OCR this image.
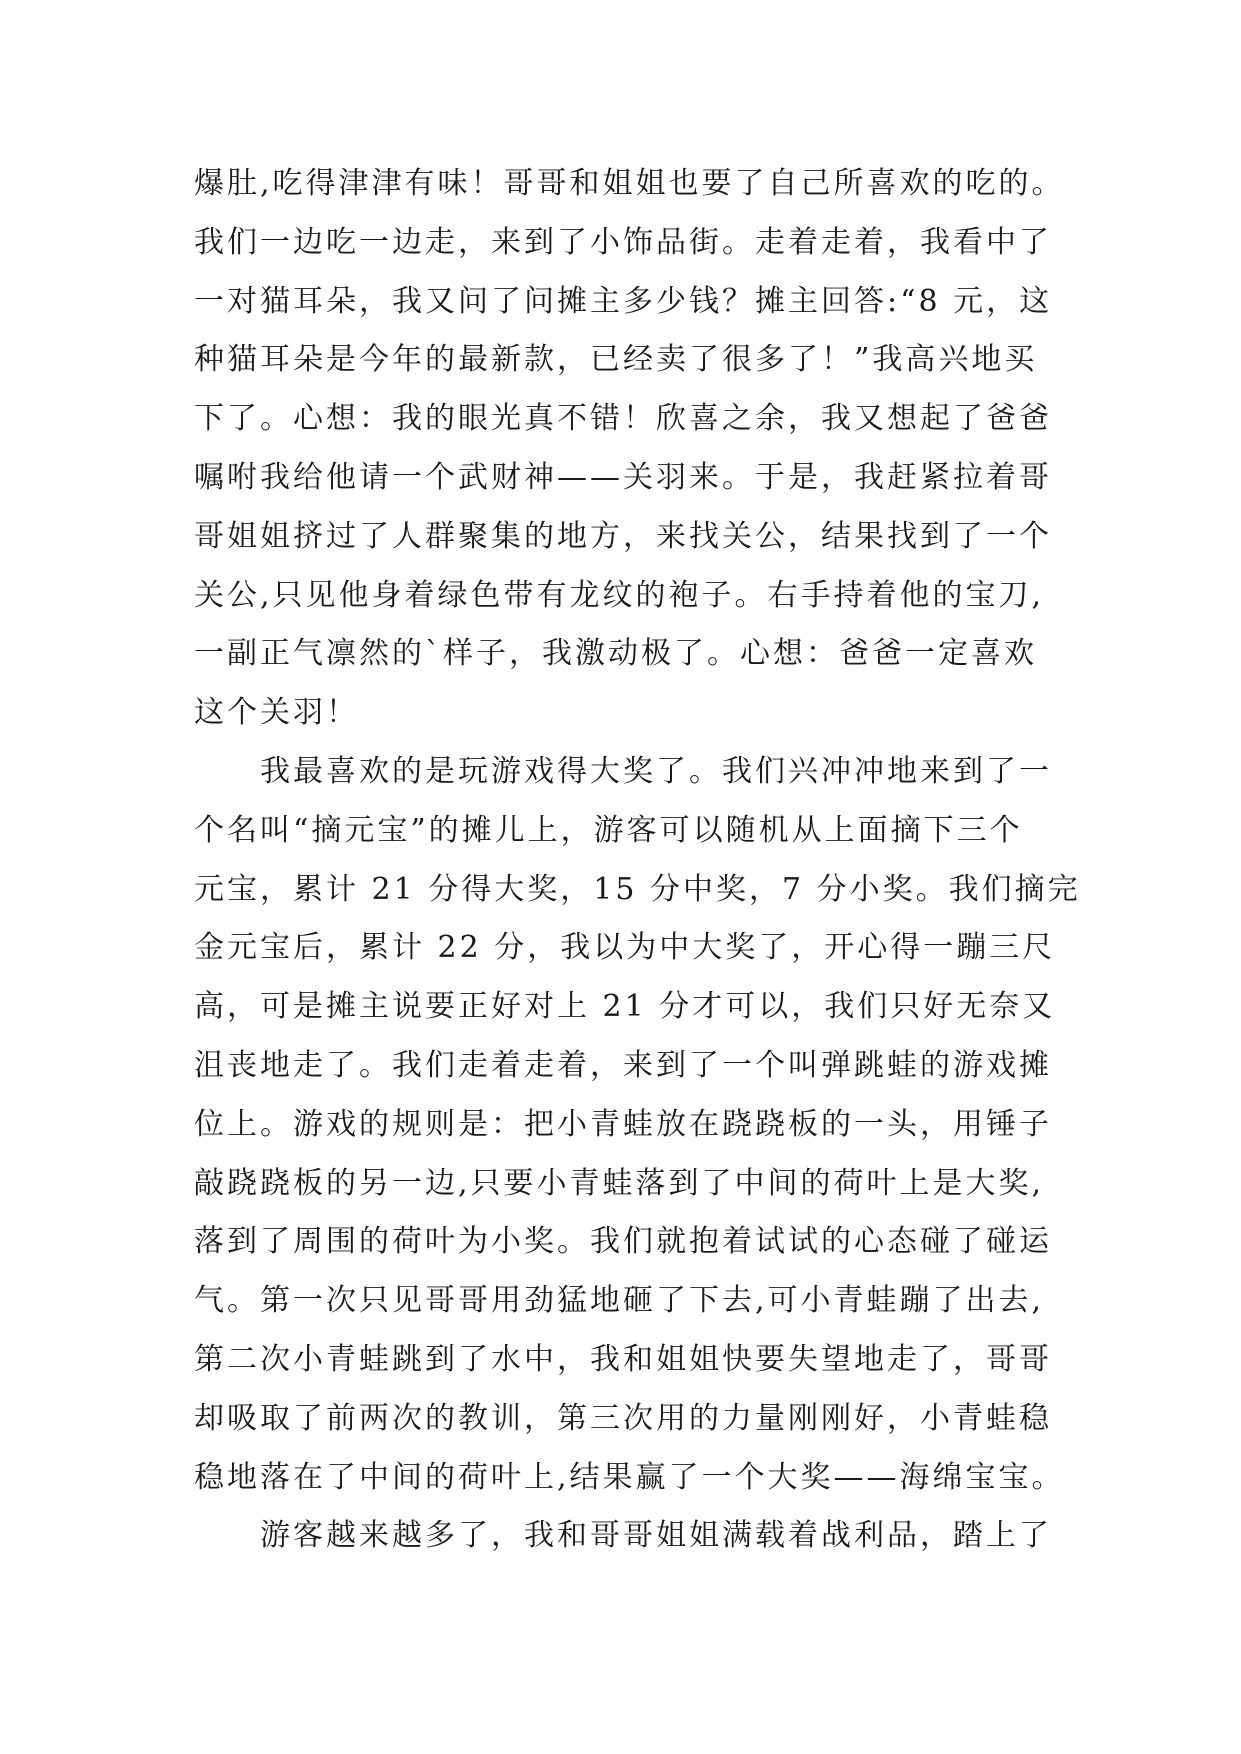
爆肚,吃得津津有味！哥哥和姐姐也要了自己所喜欢的吃的。
我们一边吃一边走，来到了小饰品街。走着走着，我看中了
一对猫耳朵，我又问了问摊主多少钱？摊主回答:“8 元，这
种猫耳朵是今年的最新款，已经卖了很多了！”我高兴地买
下了。心想：我的眼光真不错！欣喜之余，我又想起了爸爸
嘱咐我给他请一个武财神——关羽来。于是，我赶紧拉着哥
哥姐姐挤过了人群聚集的地方，来找关公，结果找到了一个
关公,只见他身着绿色带有龙纹的袍子。右手持着他的宝刀,
一副正气凛然的`样子，我激动极了。心想：爸爸一定喜欢
这个关羽！
　　我最喜欢的是玩游戏得大奖了。我们兴冲冲地来到了一
个名叫“摘元宝”的摊儿上，游客可以随机从上面摘下三个
元宝，累计 21 分得大奖，15 分中奖，7 分小奖。我们摘完
金元宝后，累计 22 分，我以为中大奖了，开心得一蹦三尺
高，可是摊主说要正好对上 21 分才可以，我们只好无奈又
沮丧地走了。我们走着走着，来到了一个叫弹跳蛙的游戏摊
位上。游戏的规则是：把小青蛙放在跷跷板的一头，用锤子
敲跷跷板的另一边,只要小青蛙落到了中间的荷叶上是大奖,
落到了周围的荷叶为小奖。我们就抱着试试的心态碰了碰运
气。第一次只见哥哥用劲猛地砸了下去,可小青蛙蹦了出去,
第二次小青蛙跳到了水中，我和姐姐快要失望地走了，哥哥
却吸取了前两次的教训，第三次用的力量刚刚好，小青蛙稳
稳地落在了中间的荷叶上,结果赢了一个大奖——海绵宝宝。
　　游客越来越多了，我和哥哥姐姐满载着战利品，踏上了
